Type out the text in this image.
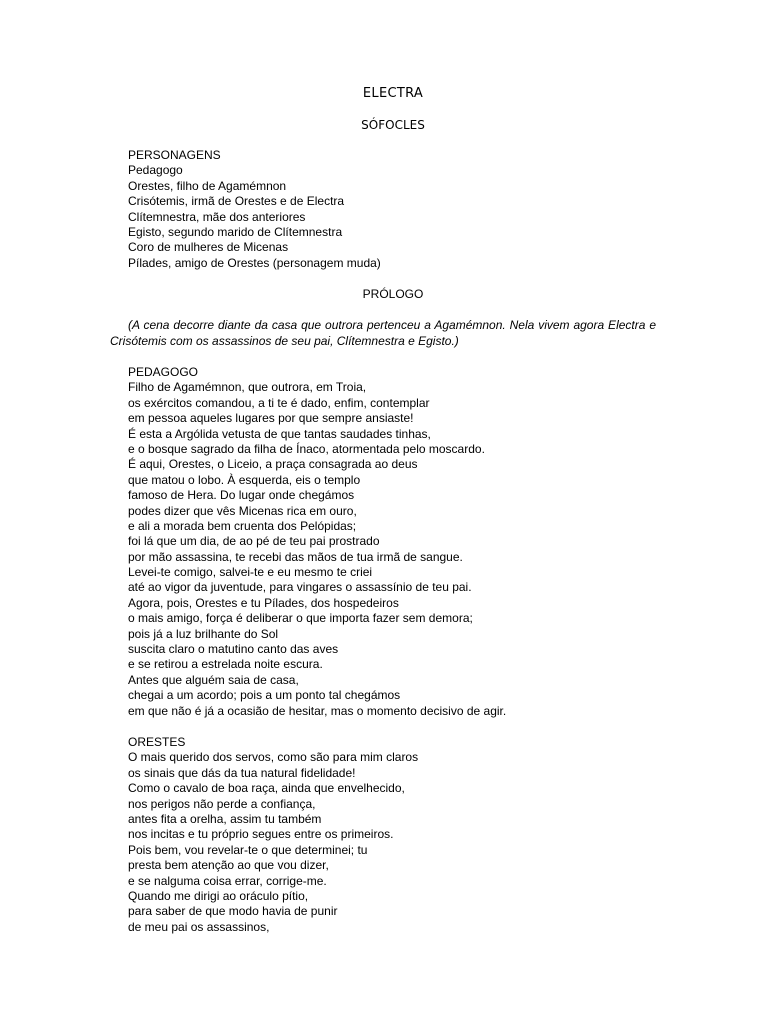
ELECTRA
SÓFOCLES
PERSONAGENS
Pedagogo
Orestes, filho de Agamémnon
Crisótemis, irmã de Orestes e de Electra
Clítemnestra, mãe dos anteriores
Egisto, segundo marido de Clítemnestra
Coro de mulheres de Micenas
Pílades, amigo de Orestes (personagem muda)
PRÓLOGO
(A cena decorre diante da casa que outrora pertenceu a Agamémnon. Nela vivem agora Electra e Crisótemis com os assassinos de seu pai, Clítemnestra e Egisto.)
PEDAGOGO
Filho de Agamémnon, que outrora, em Troia,
os exércitos comandou, a ti te é dado, enfim, contemplar
em pessoa aqueles lugares por que sempre ansiaste!
É esta a Argólida vetusta de que tantas saudades tinhas,
e o bosque sagrado da filha de Ínaco, atormentada pelo moscardo.
É aqui, Orestes, o Liceio, a praça consagrada ao deus
que matou o lobo. À esquerda, eis o templo
famoso de Hera. Do lugar onde chegámos
podes dizer que vês Micenas rica em ouro,
e ali a morada bem cruenta dos Pelópidas;
foi lá que um dia, de ao pé de teu pai prostrado
por mão assassina, te recebi das mãos de tua irmã de sangue.
Levei-te comigo, salvei-te e eu mesmo te criei
até ao vigor da juventude, para vingares o assassínio de teu pai.
Agora, pois, Orestes e tu Pílades, dos hospedeiros
o mais amigo, força é deliberar o que importa fazer sem demora;
pois já a luz brilhante do Sol
suscita claro o matutino canto das aves
e se retirou a estrelada noite escura.
Antes que alguém saia de casa,
chegai a um acordo; pois a um ponto tal chegámos
em que não é já a ocasião de hesitar, mas o momento decisivo de agir.
ORESTES
O mais querido dos servos, como são para mim claros
os sinais que dás da tua natural fidelidade!
Como o cavalo de boa raça, ainda que envelhecido,
nos perigos não perde a confiança,
antes fita a orelha, assim tu também
nos incitas e tu próprio segues entre os primeiros.
Pois bem, vou revelar-te o que determinei; tu
presta bem atenção ao que vou dizer,
e se nalguma coisa errar, corrige-me.
Quando me dirigi ao oráculo pítio,
para saber de que modo havia de punir
de meu pai os assassinos,
